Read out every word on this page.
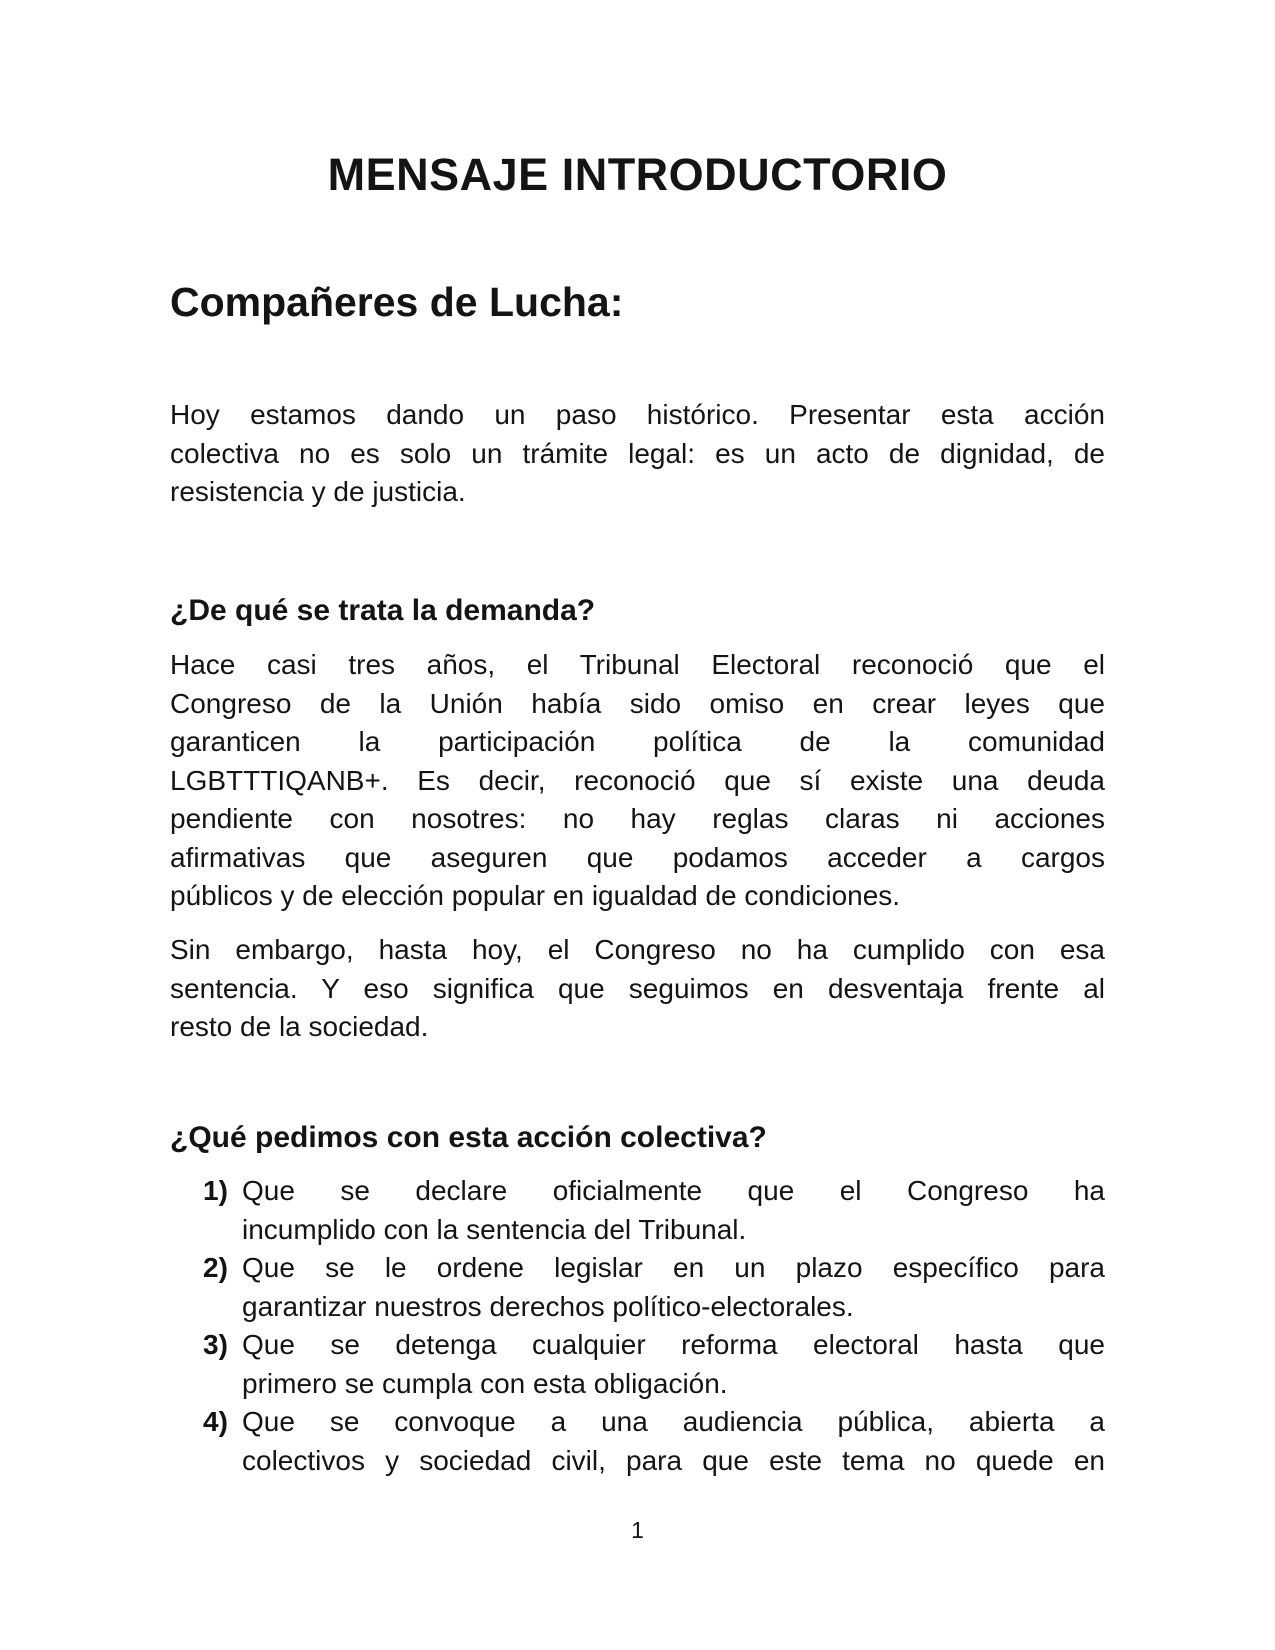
MENSAJE INTRODUCTORIO
Compañeres de Lucha:
Hoy estamos dando un paso histórico. Presentar esta acción
colectiva no es solo un trámite legal: es un acto de dignidad, de
resistencia y de justicia.
¿De qué se trata la demanda?
Hace casi tres años, el Tribunal Electoral reconoció que el
Congreso de la Unión había sido omiso en crear leyes que
garanticen la participación política de la comunidad
LGBTTTIQANB+. Es decir, reconoció que sí existe una deuda
pendiente con nosotres: no hay reglas claras ni acciones
afirmativas que aseguren que podamos acceder a cargos
públicos y de elección popular en igualdad de condiciones.
Sin embargo, hasta hoy, el Congreso no ha cumplido con esa
sentencia. Y eso significa que seguimos en desventaja frente al
resto de la sociedad.
¿Qué pedimos con esta acción colectiva?
1) Que se declare oficialmente que el Congreso ha
incumplido con la sentencia del Tribunal.
2) Que se le ordene legislar en un plazo específico para
garantizar nuestros derechos político-electorales.
3) Que se detenga cualquier reforma electoral hasta que
primero se cumpla con esta obligación.
4) Que se convoque a una audiencia pública, abierta a
colectivos y sociedad civil, para que este tema no quede en
1
